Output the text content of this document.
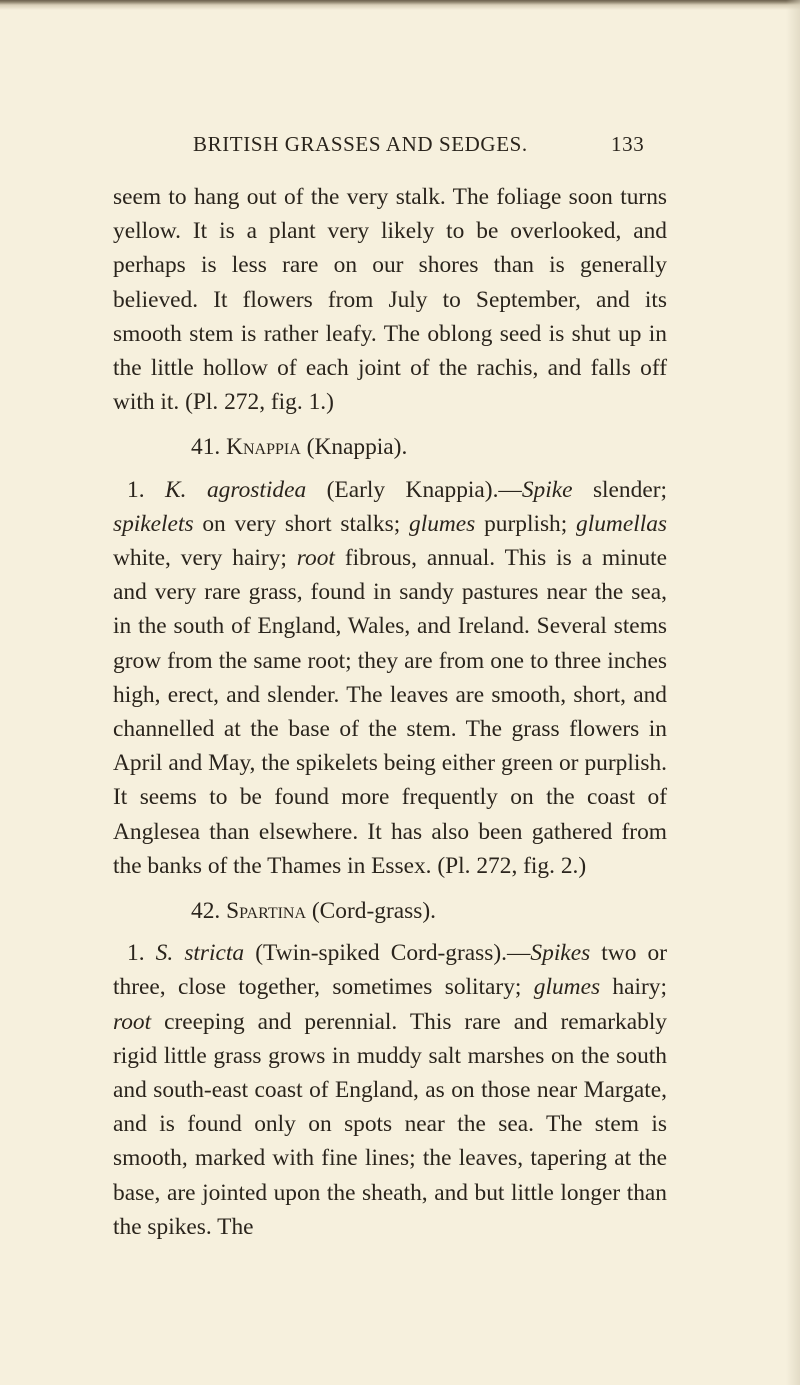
BRITISH GRASSES AND SEDGES.	133

seem to hang out of the very stalk. The foliage soon turns yellow. It is a plant very likely to be overlooked, and perhaps is less rare on our shores than is generally believed. It flowers from July to September, and its smooth stem is rather leafy. The oblong seed is shut up in the little hollow of each joint of the rachis, and falls off with it. (Pl. 272, fig. 1.)

41. Knappia (Knappia).

1. K. agrostidea (Early Knappia).—Spike slender; spikelets on very short stalks; glumes purplish; glumellas white, very hairy; root fibrous, annual. This is a minute and very rare grass, found in sandy pastures near the sea, in the south of England, Wales, and Ireland. Several stems grow from the same root; they are from one to three inches high, erect, and slender. The leaves are smooth, short, and channelled at the base of the stem. The grass flowers in April and May, the spikelets being either green or purplish. It seems to be found more frequently on the coast of Anglesea than elsewhere. It has also been gathered from the banks of the Thames in Essex. (Pl. 272, fig. 2.)

42. Spartina (Cord-grass).

1. S. stricta (Twin-spiked Cord-grass).—Spikes two or three, close together, sometimes solitary; glumes hairy; root creeping and perennial. This rare and remarkably rigid little grass grows in muddy salt marshes on the south and south-east coast of England, as on those near Margate, and is found only on spots near the sea. The stem is smooth, marked with fine lines; the leaves, tapering at the base, are jointed upon the sheath, and but little longer than the spikes. The
